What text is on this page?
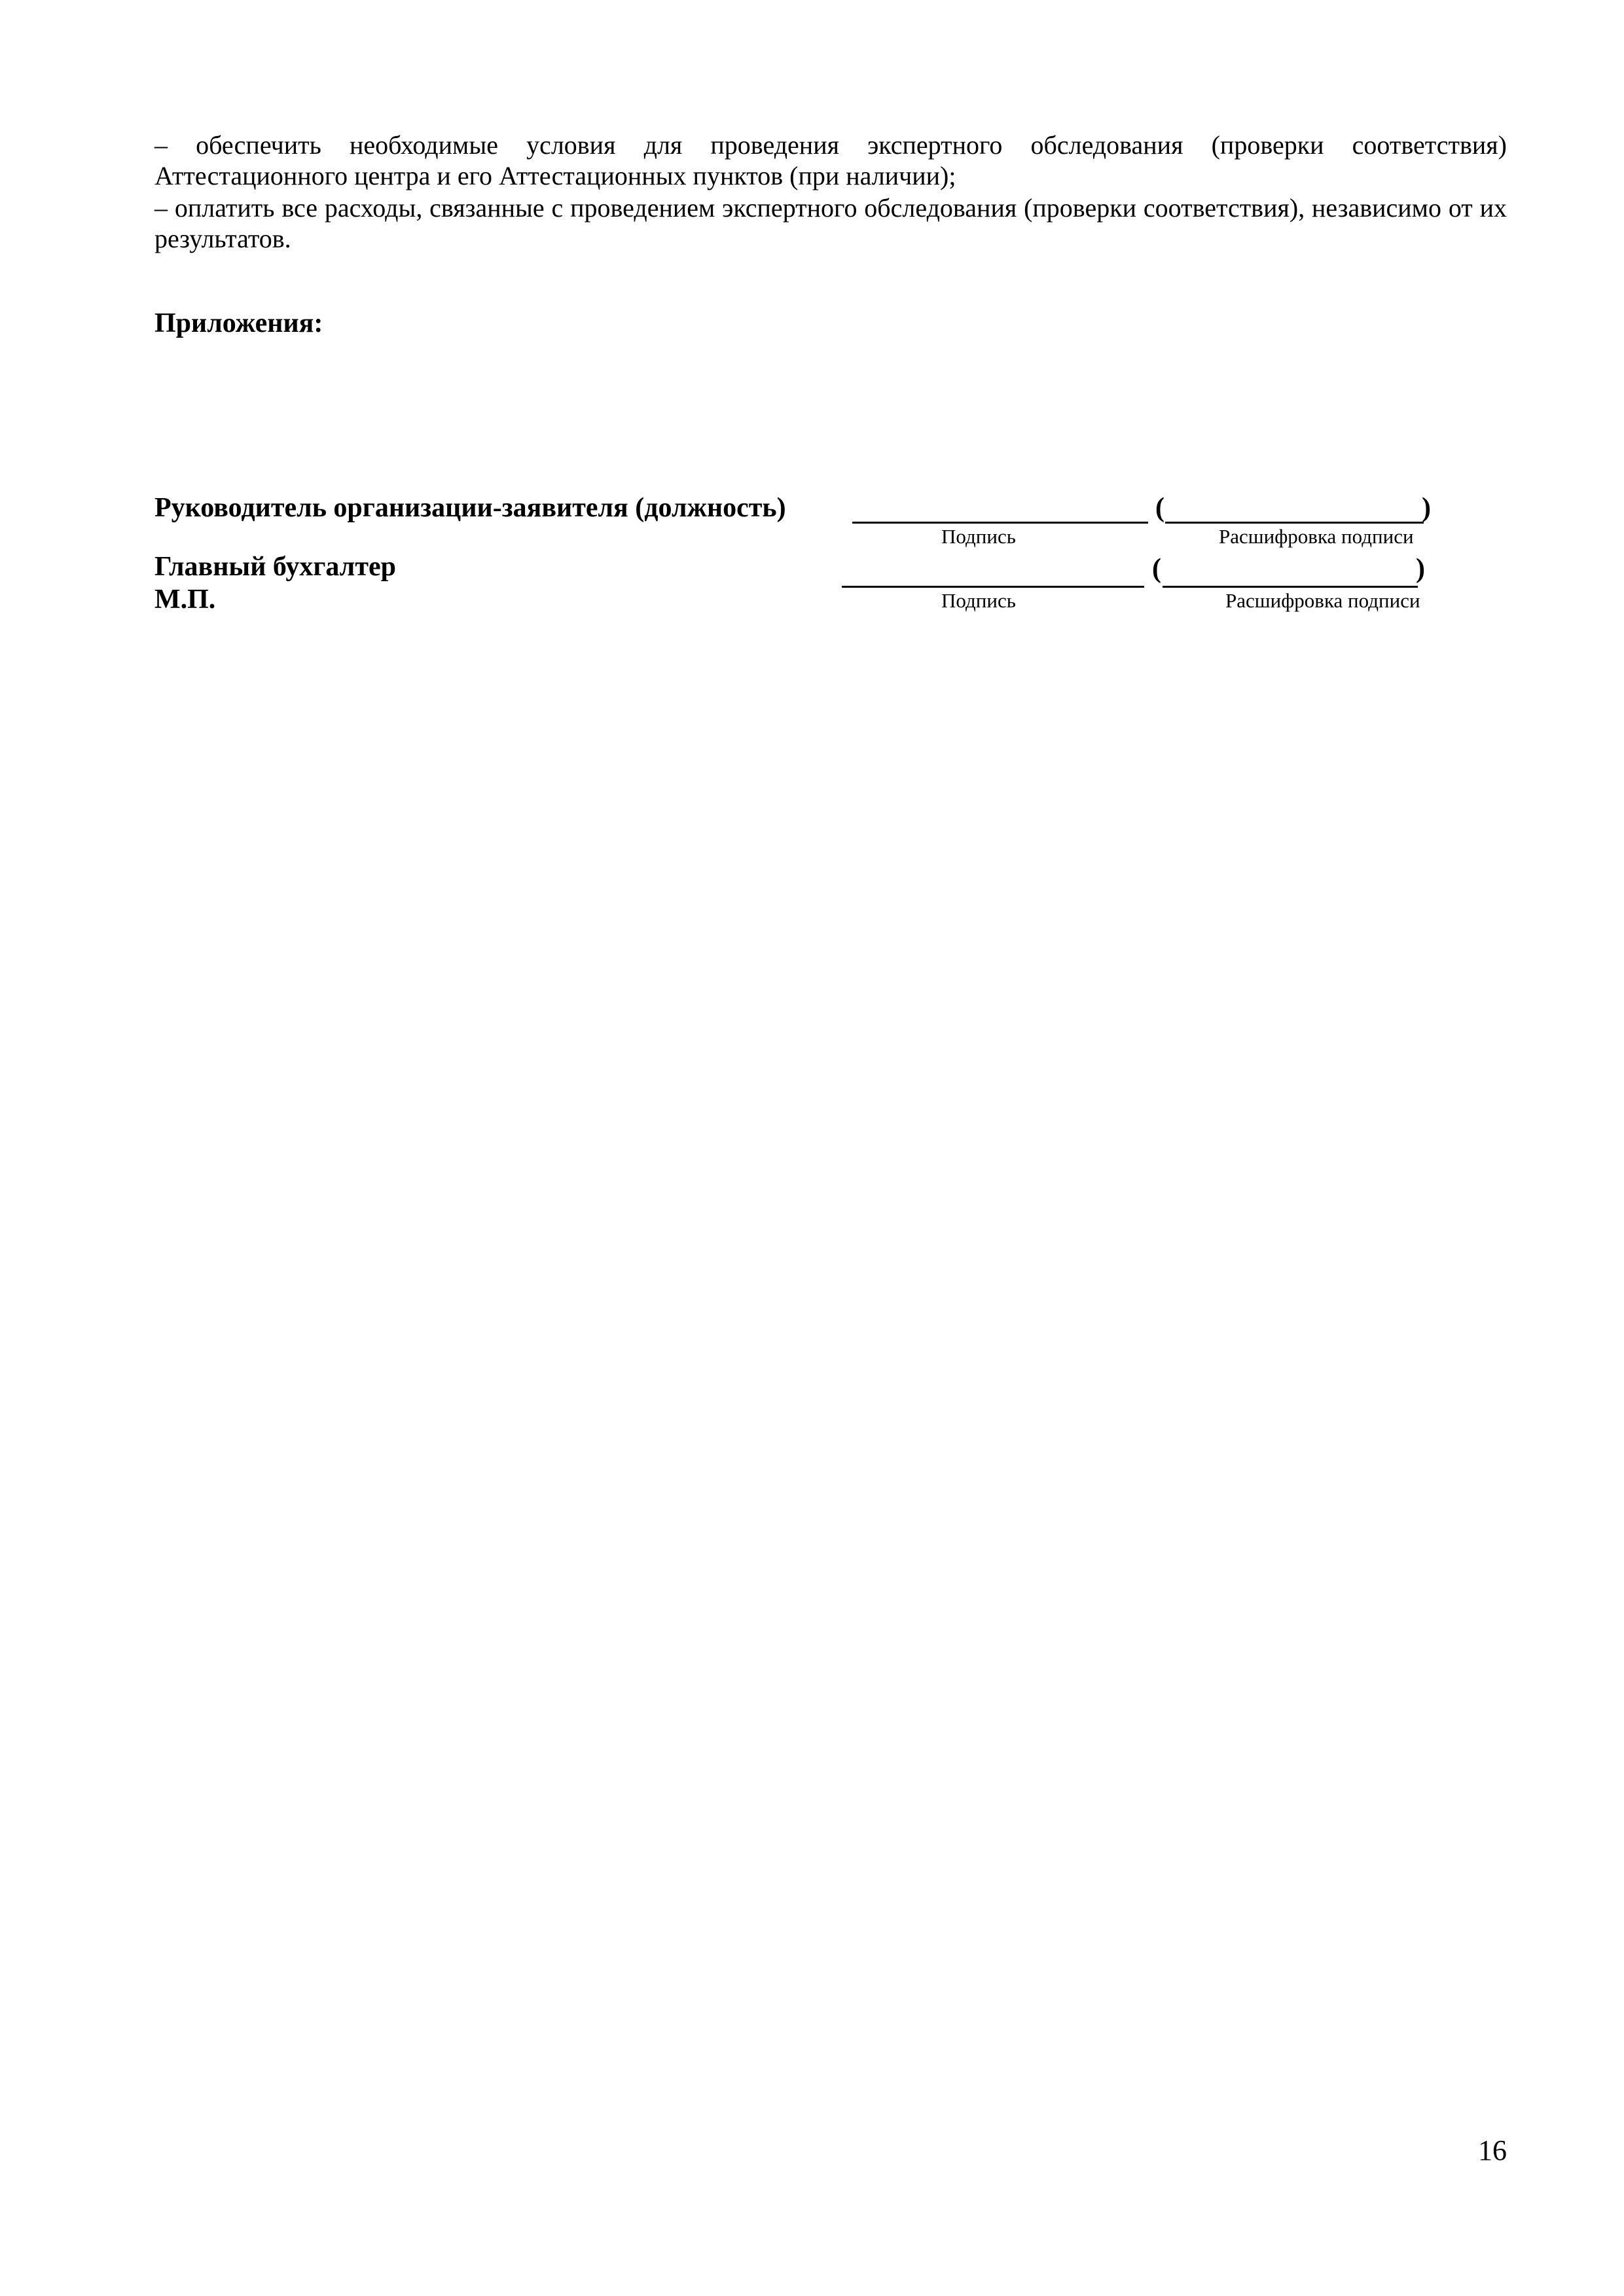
– обеспечить необходимые условия для проведения экспертного обследования (проверки соответствия) Аттестационного центра и его Аттестационных пунктов (при наличии);
– оплатить все расходы, связанные с проведением экспертного обследования (проверки соответствия), независимо от их результатов.
Приложения:
Руководитель организации-заявителя (должность)	(	)
Подпись	Расшифровка подписи
Главный бухгалтер	(	)
Подпись	Расшифровка подписи
М.П.
16
